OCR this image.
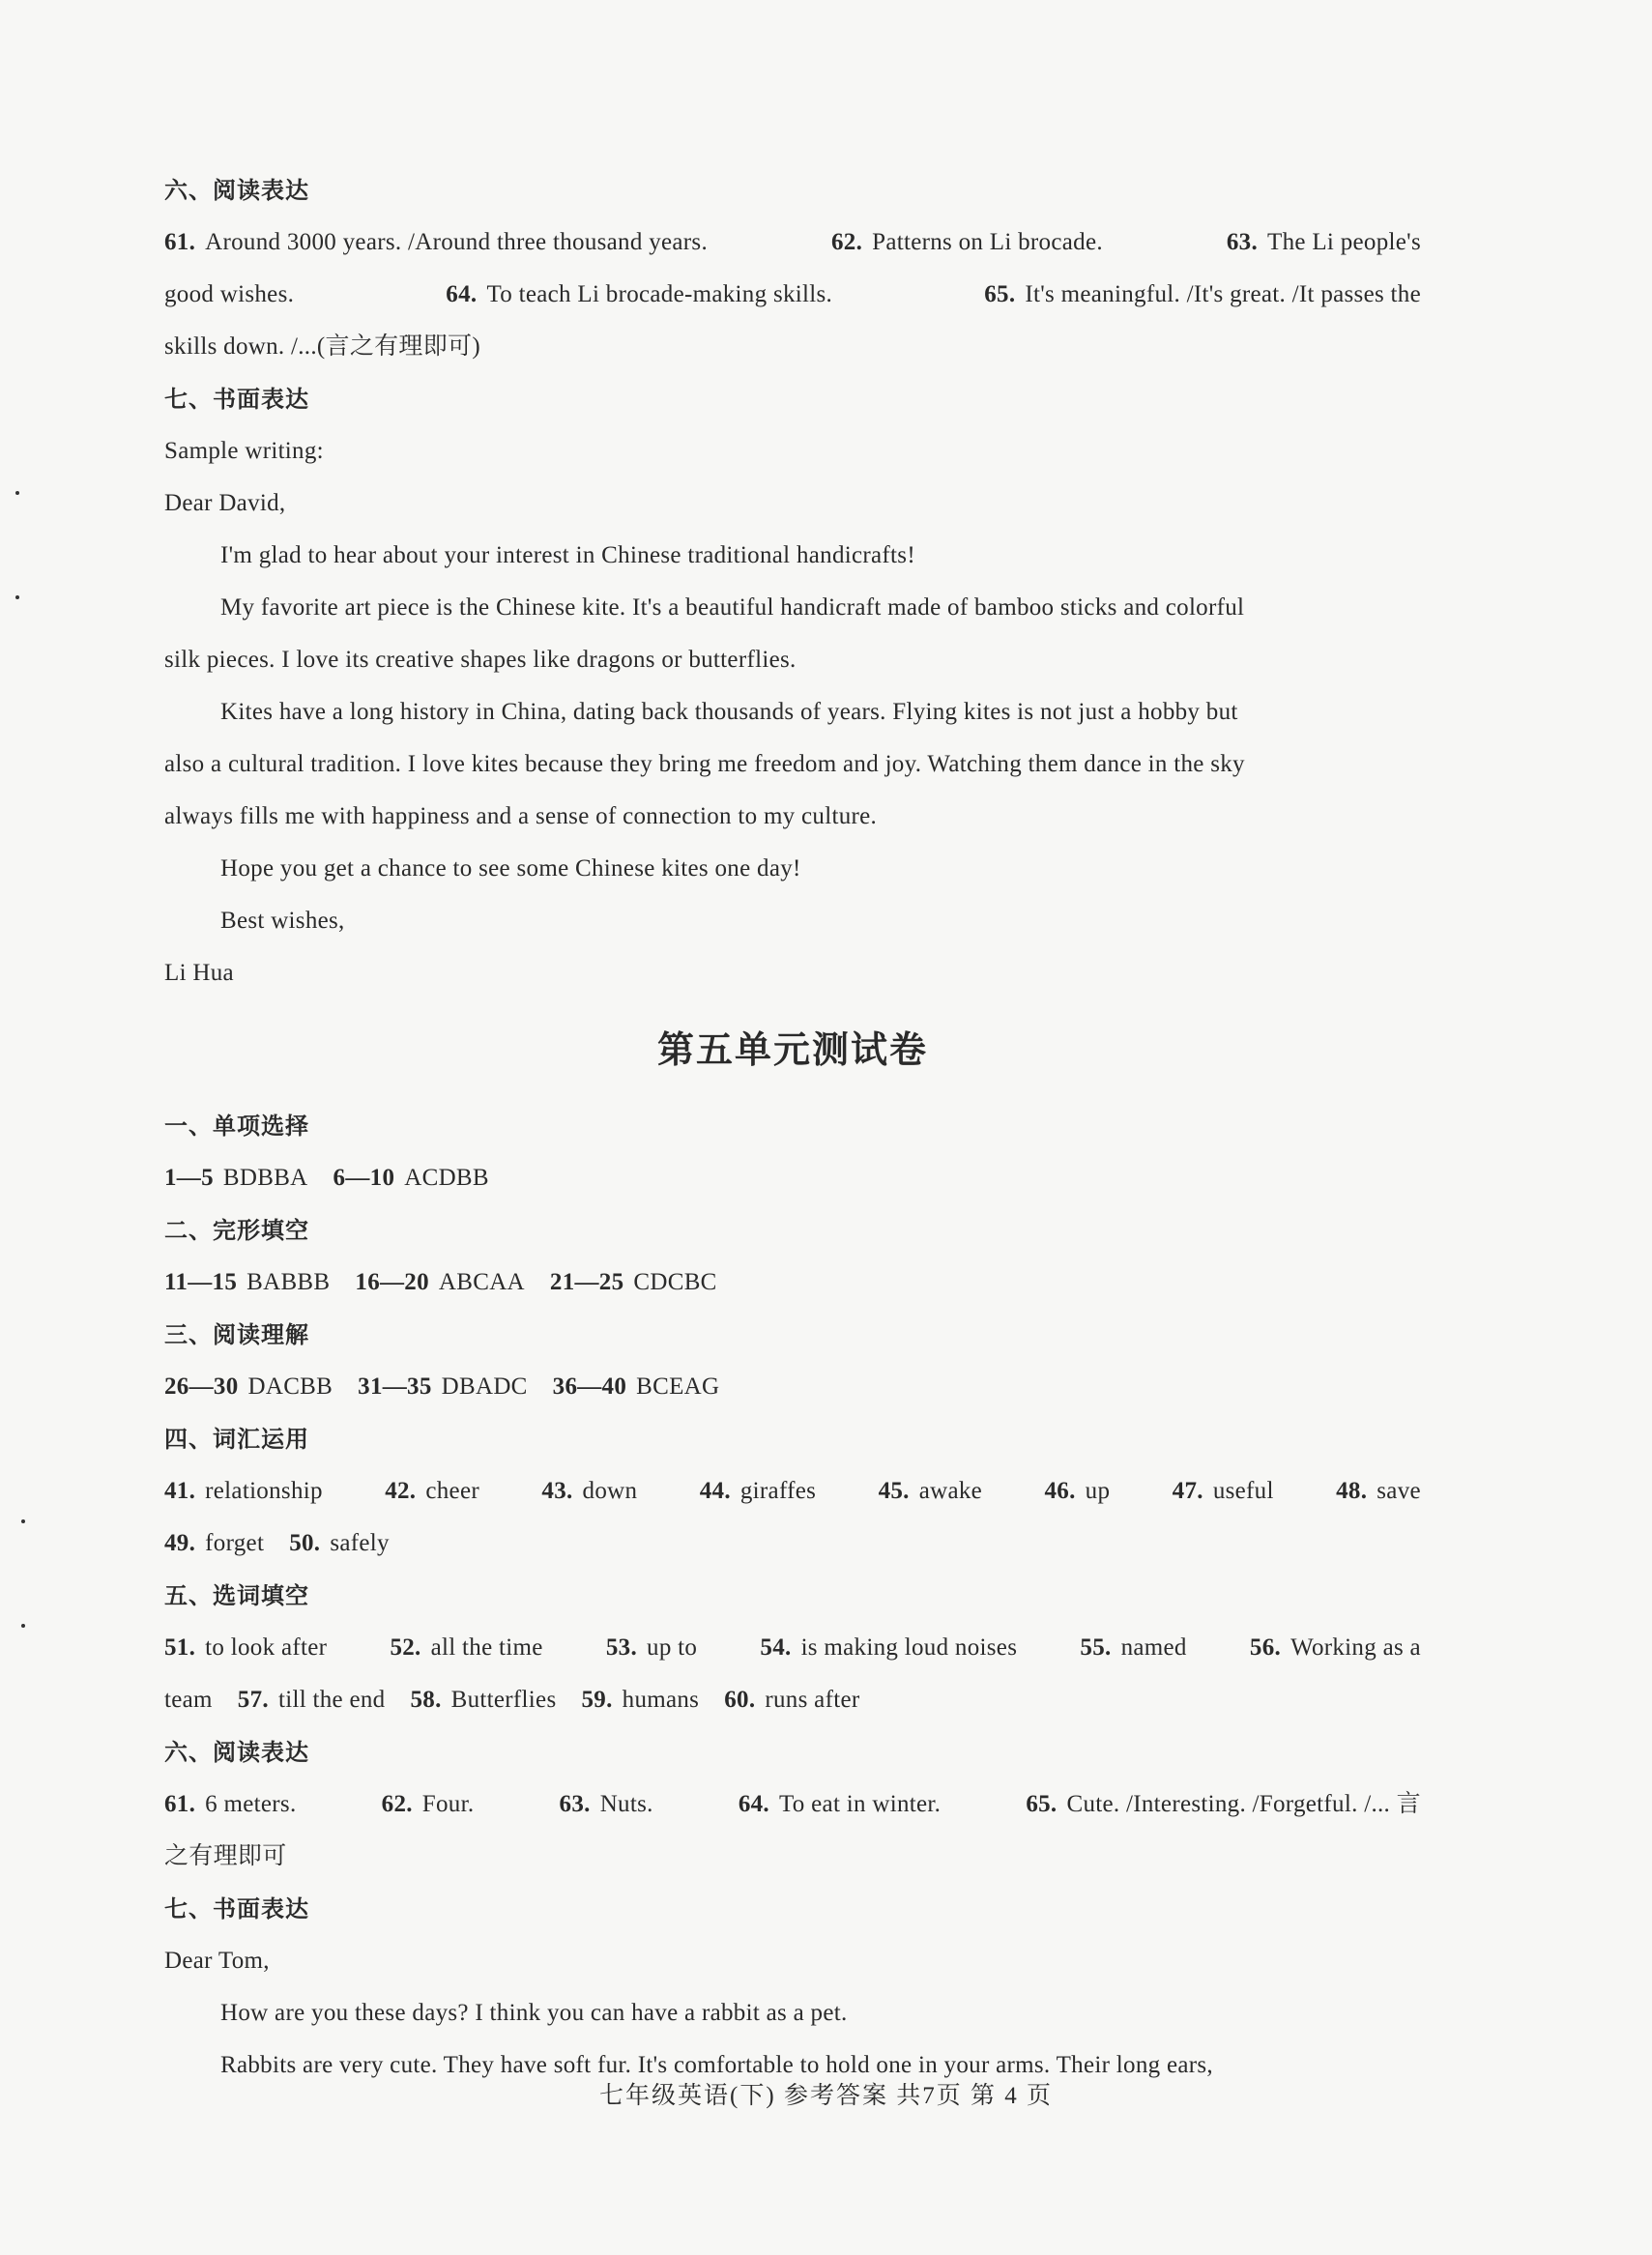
六、阅读表达
61. Around 3000 years. /Around three thousand years.	62. Patterns on Li brocade.	63. The Li people's
good wishes.	64. To teach Li brocade-making skills.	65. It's meaningful. /It's great. /It passes the
skills down. /...(言之有理即可)
七、书面表达
Sample writing:
Dear David,
I'm glad to hear about your interest in Chinese traditional handicrafts!
My favorite art piece is the Chinese kite. It's a beautiful handicraft made of bamboo sticks and colorful
silk pieces. I love its creative shapes like dragons or butterflies.
Kites have a long history in China, dating back thousands of years. Flying kites is not just a hobby but
also a cultural tradition. I love kites because they bring me freedom and joy. Watching them dance in the sky
always fills me with happiness and a sense of connection to my culture.
Hope you get a chance to see some Chinese kites one day!
Best wishes,
Li Hua
第五单元测试卷
一、单项选择
1—5 BDBBA 6—10 ACDBB
二、完形填空
11—15 BABBB 16—20 ABCAA 21—25 CDCBC
三、阅读理解
26—30 DACBB 31—35 DBADC 36—40 BCEAG
四、词汇运用
41. relationship	42. cheer	43. down	44. giraffes	45. awake	46. up	47. useful	48. save
49. forget 50. safely
五、选词填空
51. to look after	52. all the time	53. up to	54. is making loud noises	55. named	56. Working as a
team 57. till the end 58. Butterflies 59. humans 60. runs after
六、阅读表达
61. 6 meters.	62. Four.	63. Nuts.	64. To eat in winter.	65. Cute. /Interesting. /Forgetful. /... 言
之有理即可
七、书面表达
Dear Tom,
How are you these days? I think you can have a rabbit as a pet.
Rabbits are very cute. They have soft fur. It's comfortable to hold one in your arms. Their long ears,
七年级英语(下) 参考答案 共7页 第 4 页
